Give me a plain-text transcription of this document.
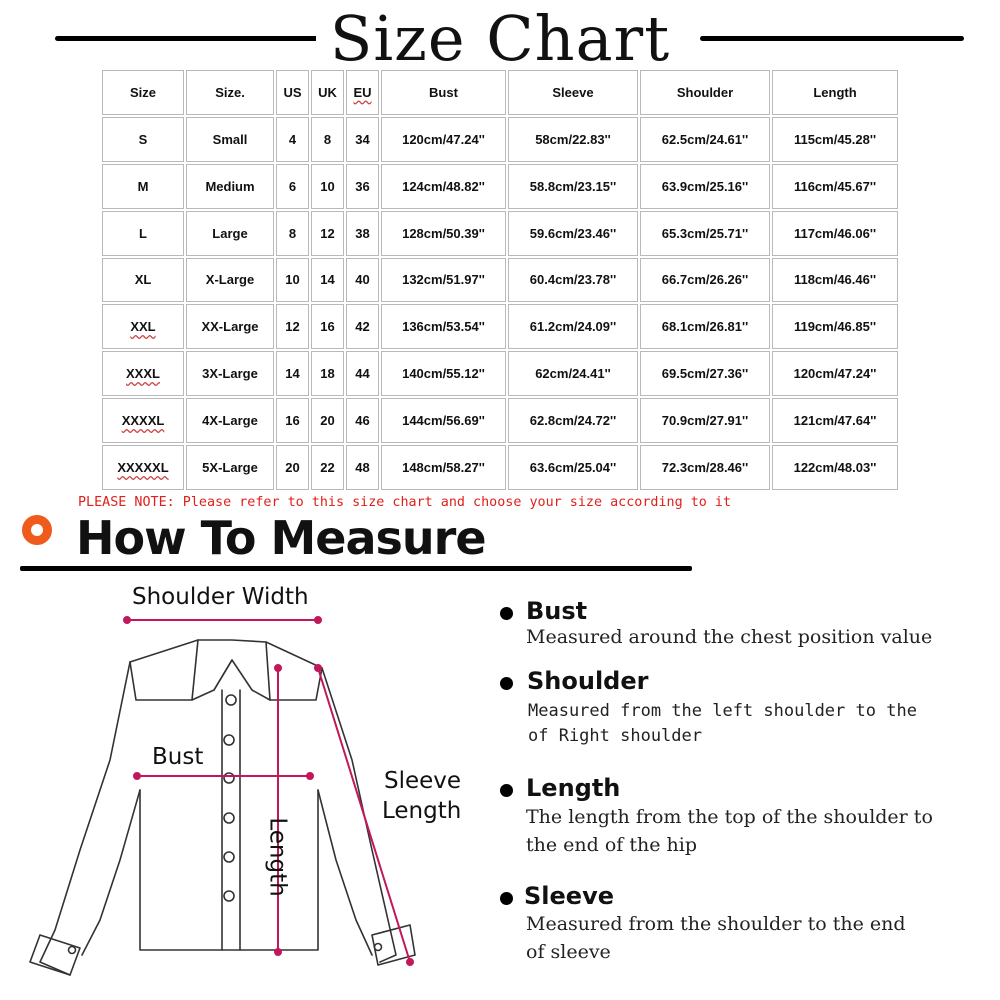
Size Chart
Size	Size.	US	UK	EU	Bust	Sleeve	Shoulder	Length
S	Small	4	8	34	120cm/47.24''	58cm/22.83''	62.5cm/24.61''	115cm/45.28''
M	Medium	6	10	36	124cm/48.82''	58.8cm/23.15''	63.9cm/25.16''	116cm/45.67''
L	Large	8	12	38	128cm/50.39''	59.6cm/23.46''	65.3cm/25.71''	117cm/46.06''
XL	X-Large	10	14	40	132cm/51.97''	60.4cm/23.78''	66.7cm/26.26''	118cm/46.46''
XXL	XX-Large	12	16	42	136cm/53.54''	61.2cm/24.09''	68.1cm/26.81''	119cm/46.85''
XXXL	3X-Large	14	18	44	140cm/55.12''	62cm/24.41''	69.5cm/27.36''	120cm/47.24''
XXXXL	4X-Large	16	20	46	144cm/56.69''	62.8cm/24.72''	70.9cm/27.91''	121cm/47.64''
XXXXXL	5X-Large	20	22	48	148cm/58.27''	63.6cm/25.04''	72.3cm/28.46''	122cm/48.03''
PLEASE NOTE: Please refer to this size chart and choose your size according to it
How To Measure
Shoulder Width
Bust
Sleeve
Length
Length
Bust
Measured around the chest position value
Shoulder
Measured from the left shoulder to the
of Right shoulder
Length
The length from the top of the shoulder to
the end of the hip
Sleeve
Measured from the shoulder to the end
of sleeve
